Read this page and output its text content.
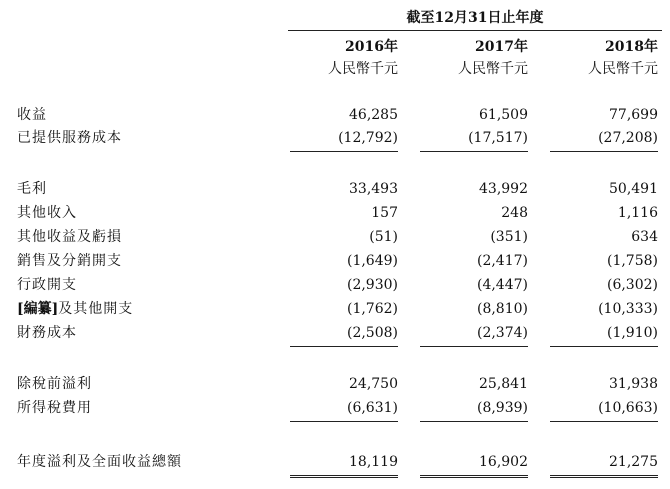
截至12月31日止年度
2016年	2017年	2018年
人民幣千元	人民幣千元	人民幣千元
收益	46,285	61,509	77,699
已提供服務成本	(12,792)	(17,517)	(27,208)
毛利	33,493	43,992	50,491
其他收入	157	248	1,116
其他收益及虧損	(51)	(351)	634
銷售及分銷開支	(1,649)	(2,417)	(1,758)
行政開支	(2,930)	(4,447)	(6,302)
[編纂]及其他開支	(1,762)	(8,810)	(10,333)
財務成本	(2,508)	(2,374)	(1,910)
除稅前溢利	24,750	25,841	31,938
所得稅費用	(6,631)	(8,939)	(10,663)
年度溢利及全面收益總額	18,119	16,902	21,275
